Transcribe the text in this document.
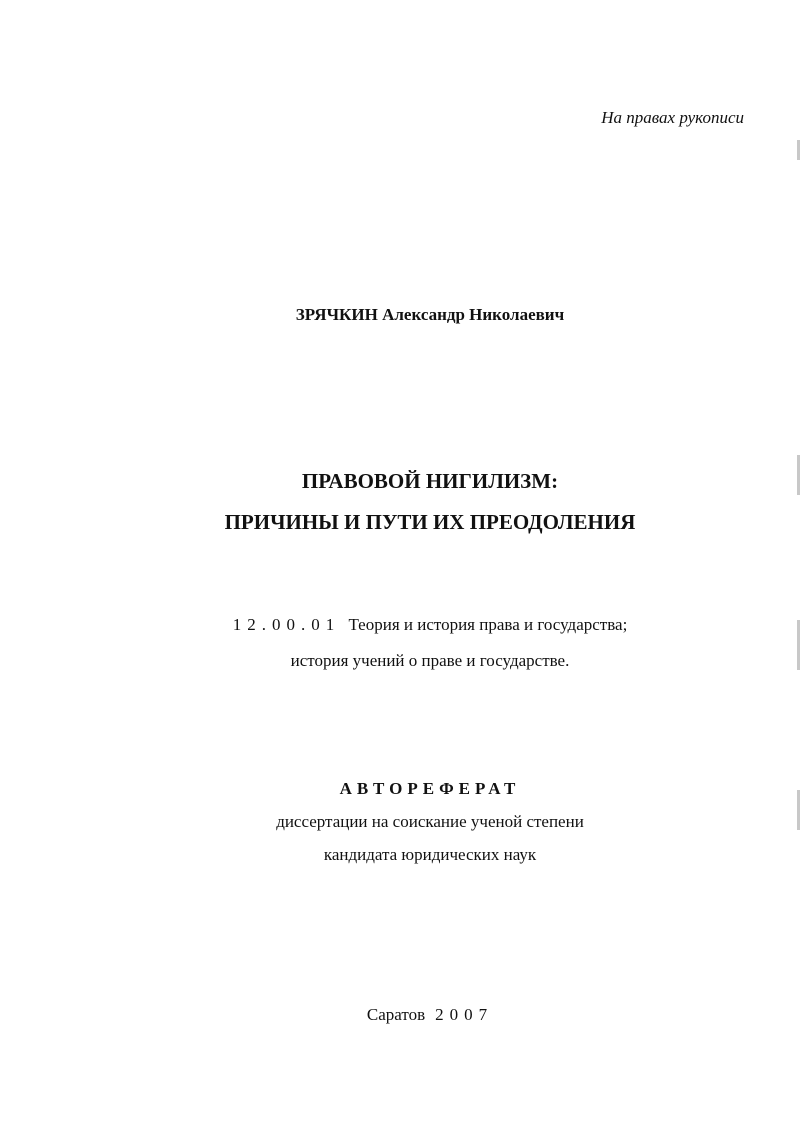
На правах рукописи
ЗРЯЧКИН Александр Николаевич
ПРАВОВОЙ НИГИЛИЗМ:
ПРИЧИНЫ И ПУТИ ИХ ПРЕОДОЛЕНИЯ
12.00.01 Теория и история права и государства;
история учений о праве и государстве.
АВТОРЕФЕРАТ
диссертации на соискание ученой степени
кандидата юридических наук
Саратов 2007
